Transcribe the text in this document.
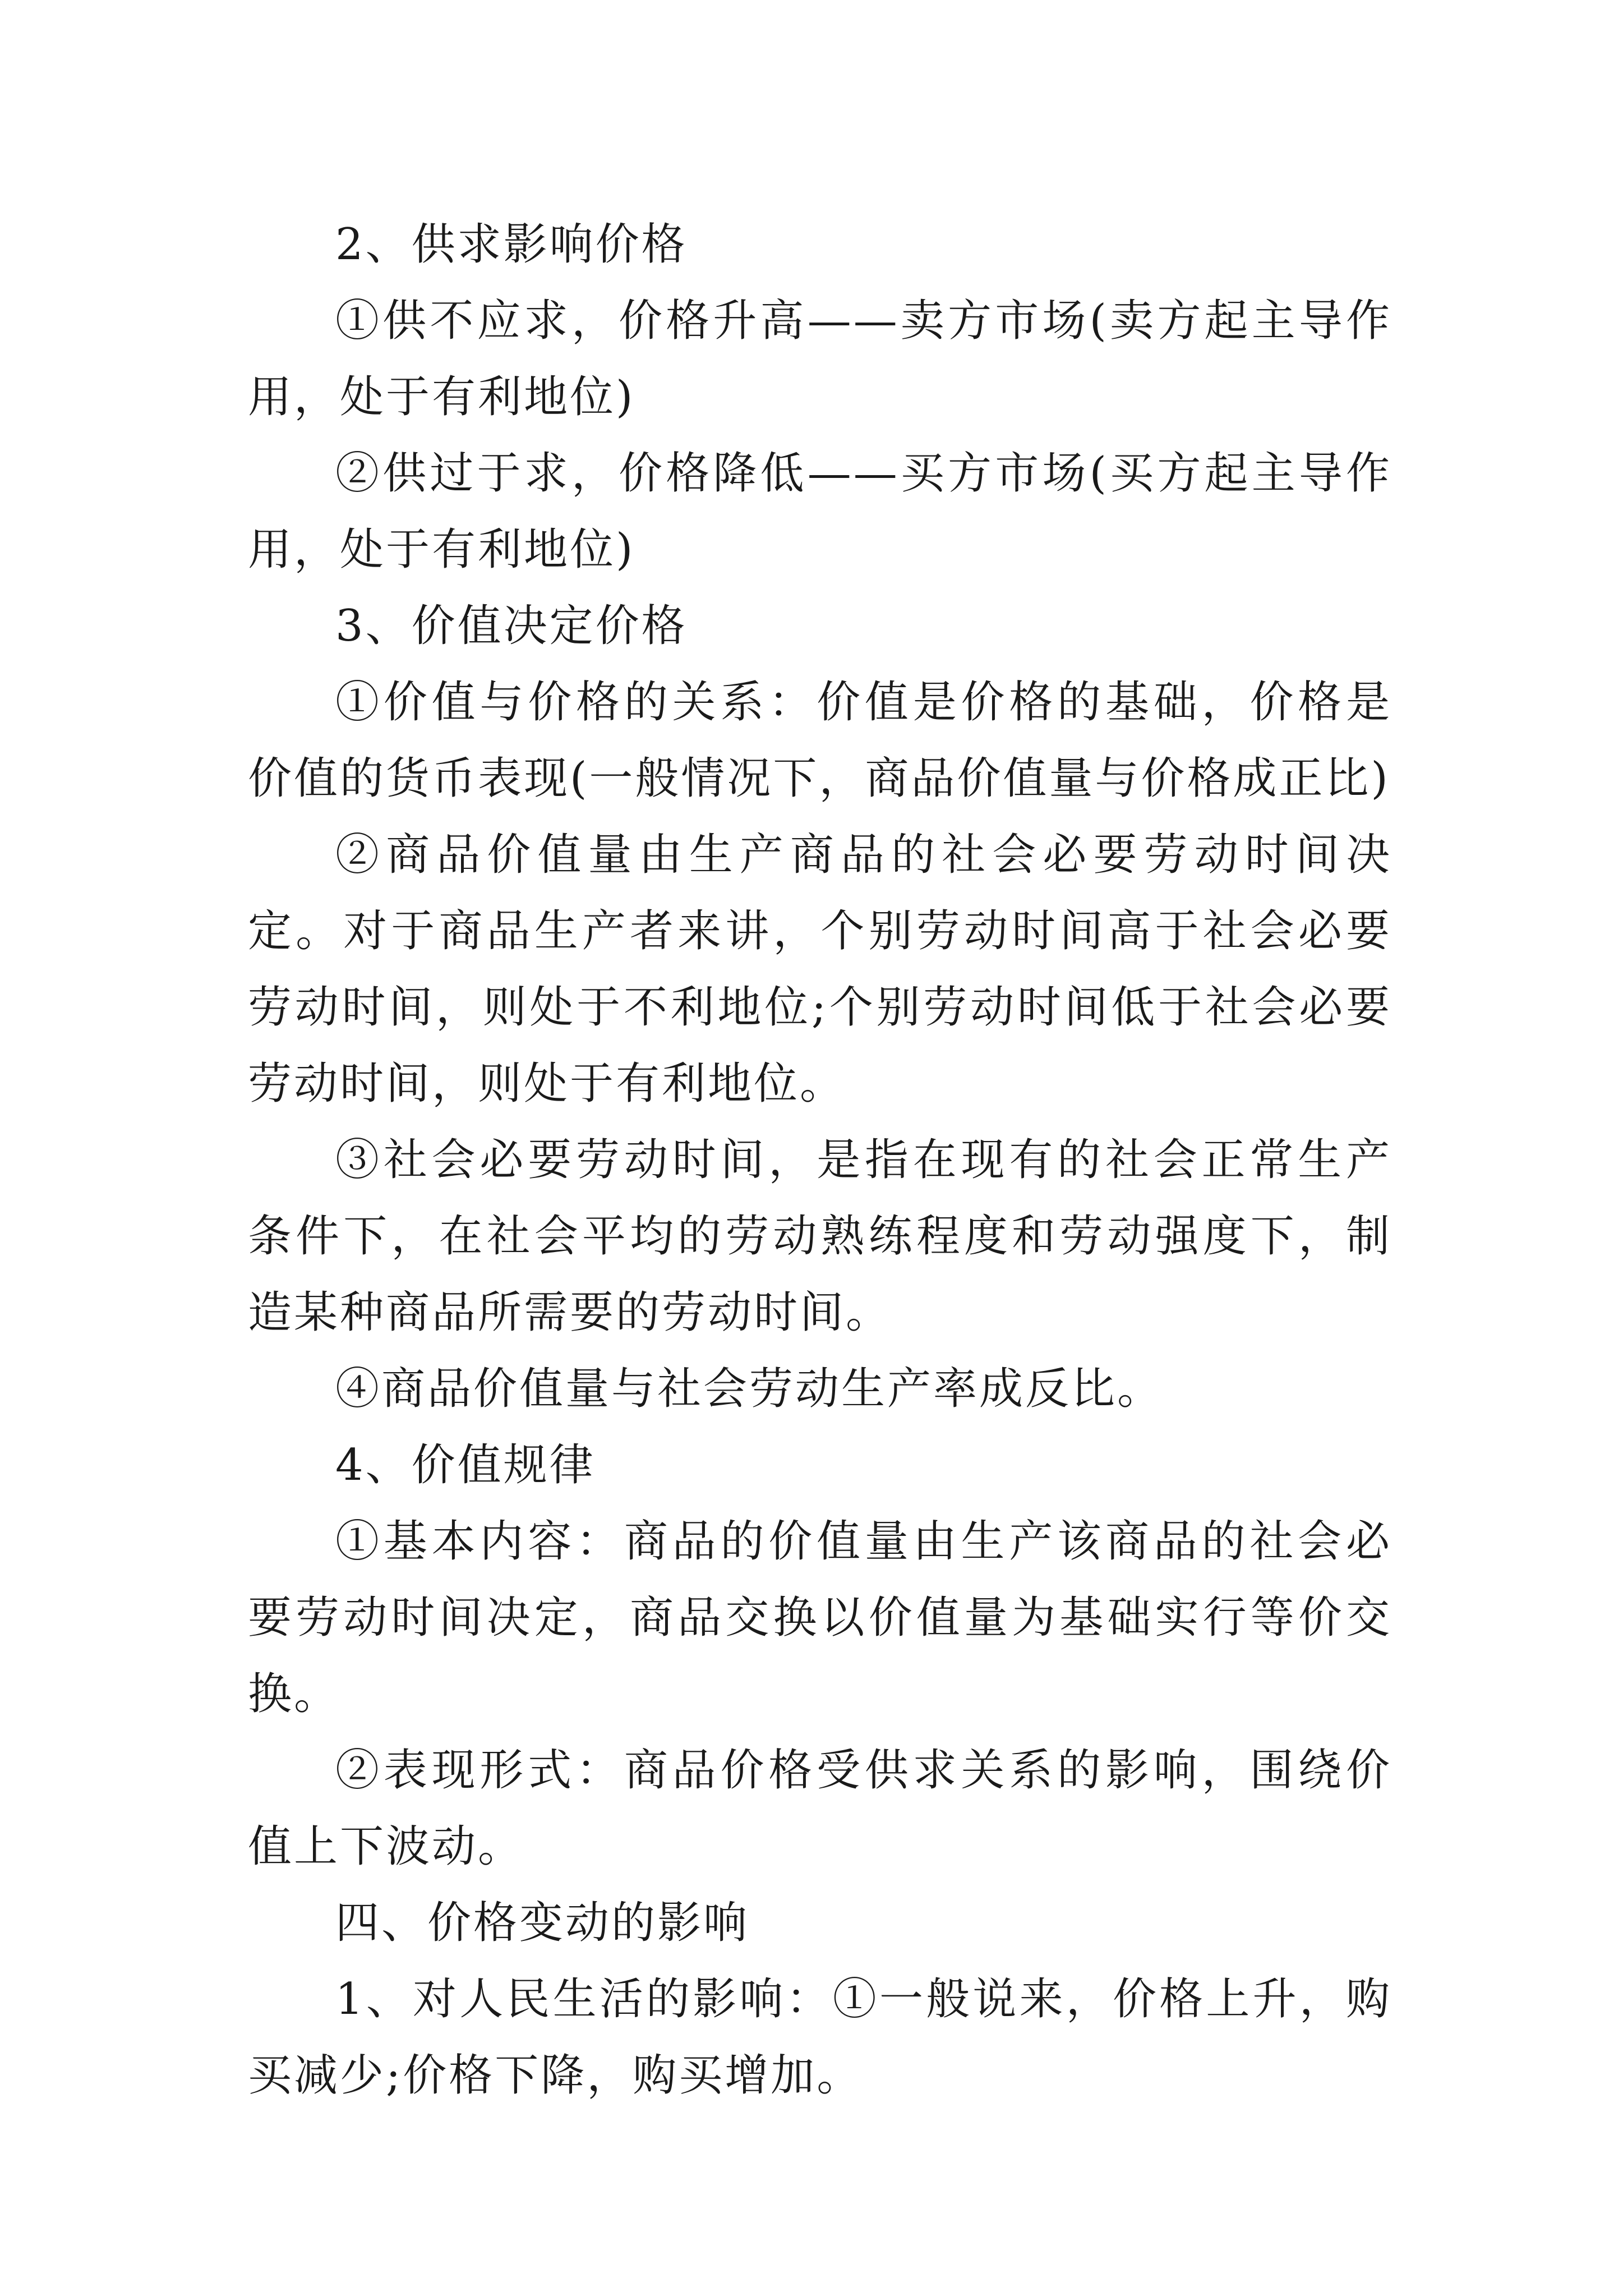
2、供求影响价格

①供不应求，价格升高——卖方市场(卖方起主导作用，处于有利地位)

②供过于求，价格降低——买方市场(买方起主导作用，处于有利地位)

3、价值决定价格

①价值与价格的关系：价值是价格的基础，价格是价值的货币表现(一般情况下，商品价值量与价格成正比)

②商品价值量由生产商品的社会必要劳动时间决定。对于商品生产者来讲，个别劳动时间高于社会必要劳动时间，则处于不利地位;个别劳动时间低于社会必要劳动时间，则处于有利地位。

③社会必要劳动时间，是指在现有的社会正常生产条件下，在社会平均的劳动熟练程度和劳动强度下，制造某种商品所需要的劳动时间。

④商品价值量与社会劳动生产率成反比。

4、价值规律

①基本内容：商品的价值量由生产该商品的社会必要劳动时间决定，商品交换以价值量为基础实行等价交换。

②表现形式：商品价格受供求关系的影响，围绕价值上下波动。

四、价格变动的影响

1、对人民生活的影响：①一般说来，价格上升，购买减少;价格下降，购买增加。
